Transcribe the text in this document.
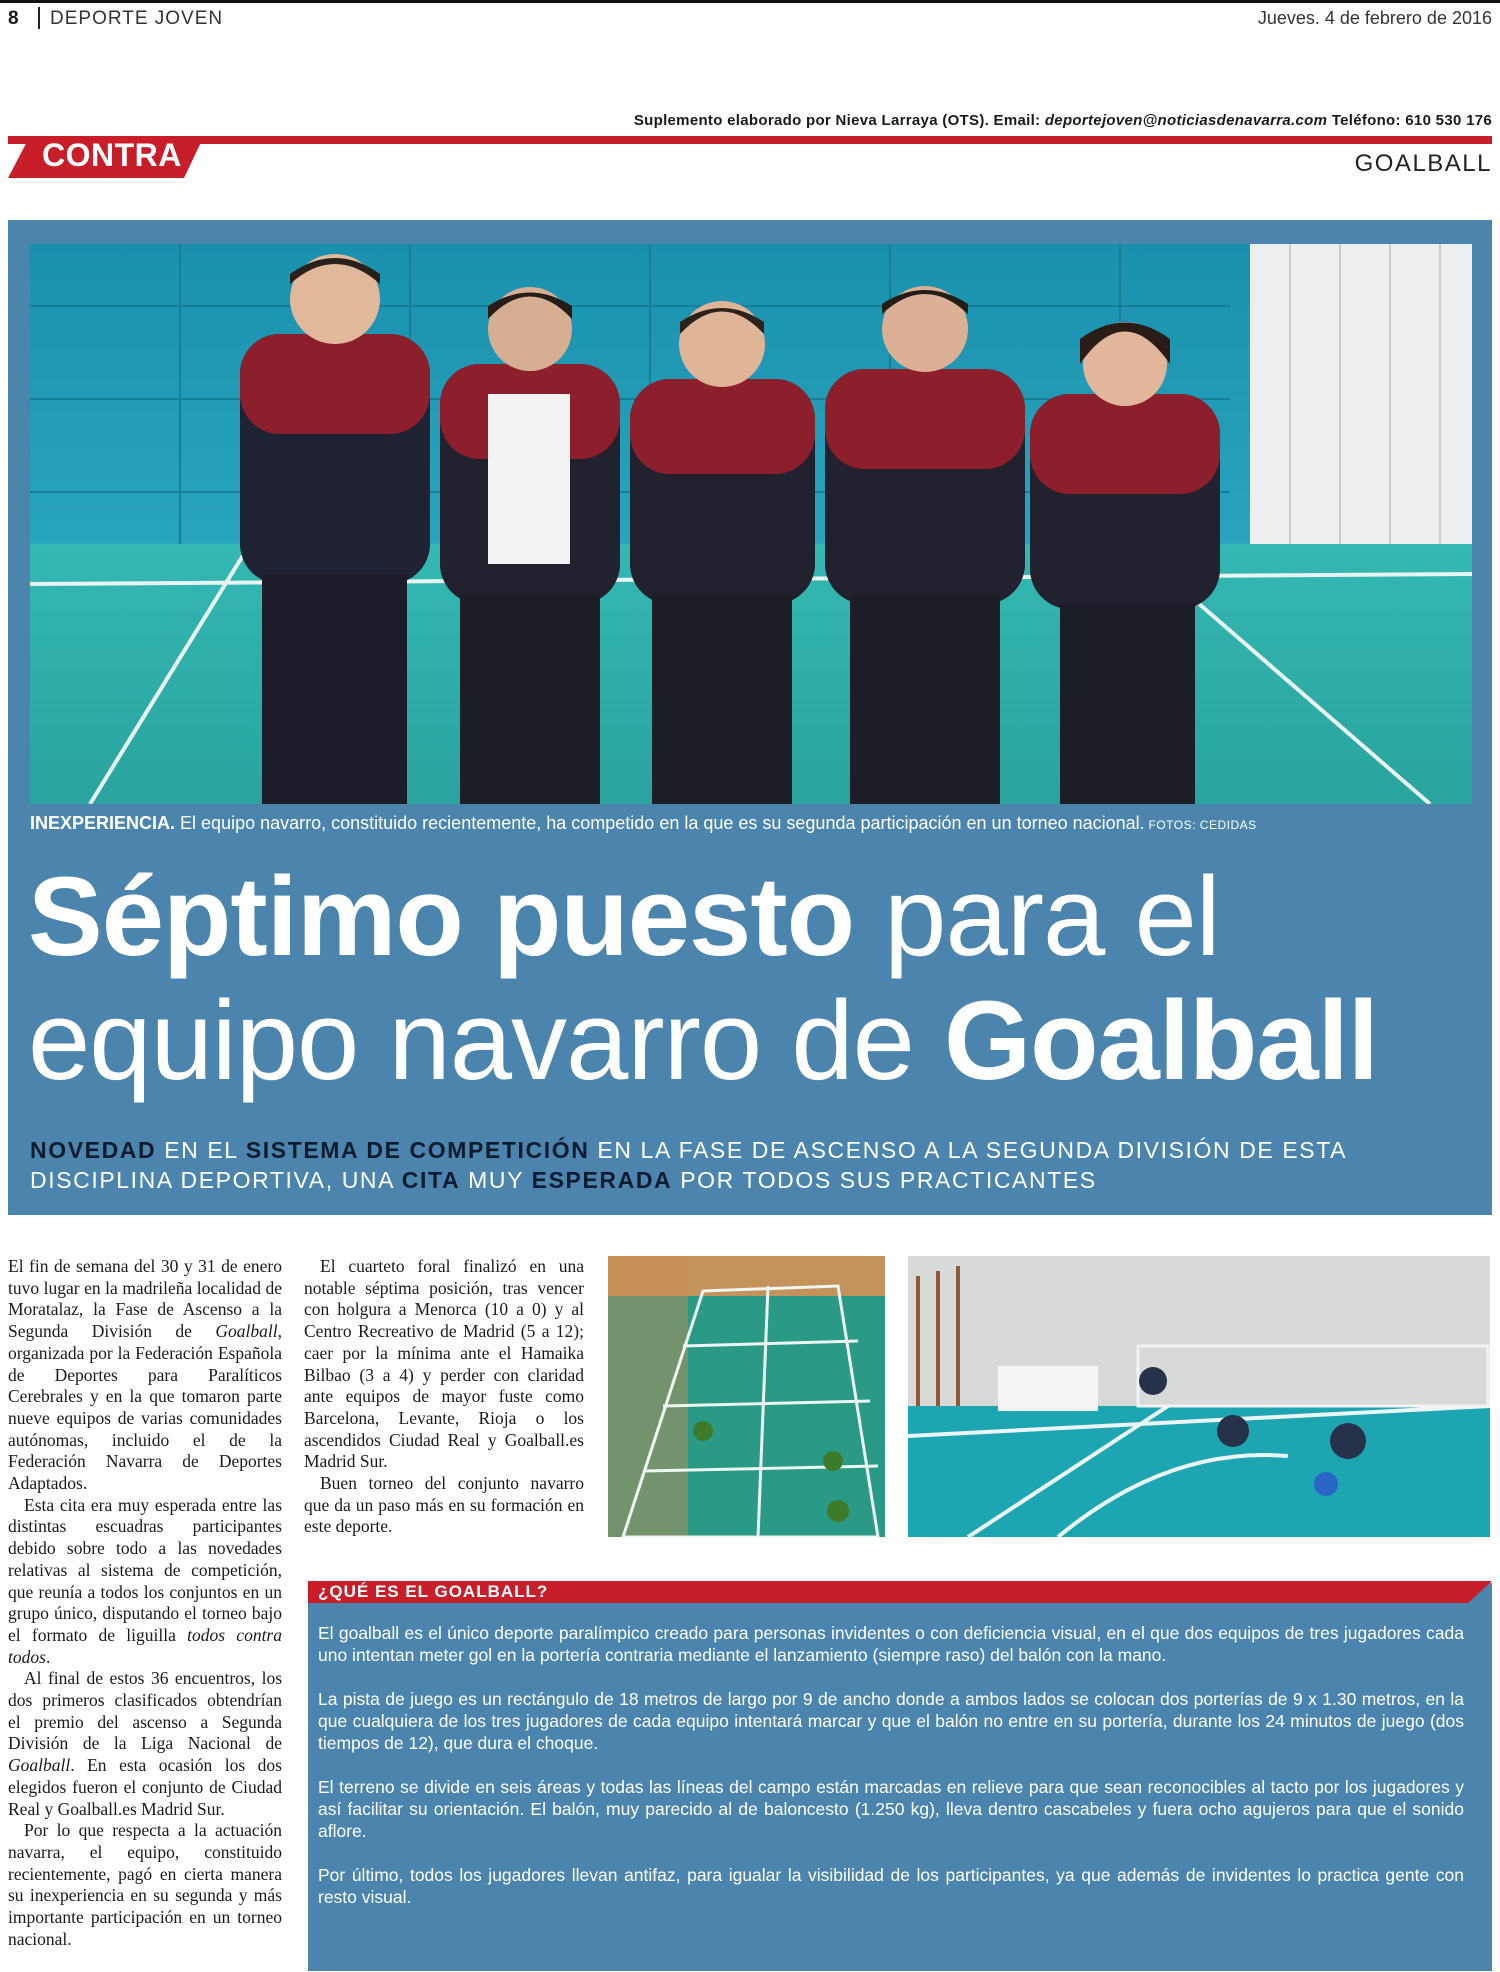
8 DEPORTE JOVEN	Jueves. 4 de febrero de 2016
Suplemento elaborado por Nieva Larraya (OTS). Email: deportejoven@noticiasdenavarra.com Teléfono: 610 530 176
CONTRA	GOALBALL
INEXPERIENCIA. El equipo navarro, constituido recientemente, ha competido en la que es su segunda participación en un torneo nacional. FOTOS: CEDIDAS
Séptimo puesto para el
equipo navarro de Goalball
NOVEDAD EN EL SISTEMA DE COMPETICIÓN EN LA FASE DE ASCENSO A LA SEGUNDA DIVISIÓN DE ESTA DISCIPLINA DEPORTIVA, UNA CITA MUY ESPERADA POR TODOS SUS PRACTICANTES

El fin de semana del 30 y 31 de enero tuvo lugar en la madrileña localidad de Moratalaz, la Fase de Ascenso a la Segunda División de Goalball, organizada por la Federación Española de Deportes para Paralíticos Cerebrales y en la que tomaron parte nueve equipos de varias comunidades autónomas, incluido el de la Federación Navarra de Deportes Adaptados.

Esta cita era muy esperada entre las distintas escuadras participantes debido sobre todo a las novedades relativas al sistema de competición, que reunía a todos los conjuntos en un grupo único, disputando el torneo bajo el formato de liguilla todos contra todos.

Al final de estos 36 encuentros, los dos primeros clasificados obtendrían el premio del ascenso a Segunda División de la Liga Nacional de Goalball. En esta ocasión los dos elegidos fueron el conjunto de Ciudad Real y Goalball.es Madrid Sur.

Por lo que respecta a la actuación navarra, el equipo, constituido recientemente, pagó en cierta manera su inexperiencia en su segunda y más importante participación en un torneo nacional.

El cuarteto foral finalizó en una notable séptima posición, tras vencer con holgura a Menorca (10 a 0) y al Centro Recreativo de Madrid (5 a 12); caer por la mínima ante el Hamaika Bilbao (3 a 4) y perder con claridad ante equipos de mayor fuste como Barcelona, Levante, Rioja o los ascendidos Ciudad Real y Goalball.es Madrid Sur.

Buen torneo del conjunto navarro que da un paso más en su formación en este deporte.

¿QUÉ ES EL GOALBALL?

El goalball es el único deporte paralímpico creado para personas invidentes o con deficiencia visual, en el que dos equipos de tres jugadores cada uno intentan meter gol en la portería contraria mediante el lanzamiento (siempre raso) del balón con la mano.

La pista de juego es un rectángulo de 18 metros de largo por 9 de ancho donde a ambos lados se colocan dos porterías de 9 x 1.30 metros, en la que cualquiera de los tres jugadores de cada equipo intentará marcar y que el balón no entre en su portería, durante los 24 minutos de juego (dos tiempos de 12), que dura el choque.

El terreno se divide en seis áreas y todas las líneas del campo están marcadas en relieve para que sean reconocibles al tacto por los jugadores y así facilitar su orientación. El balón, muy parecido al de baloncesto (1.250 kg), lleva dentro cascabeles y fuera ocho agujeros para que el sonido aflore.

Por último, todos los jugadores llevan antifaz, para igualar la visibilidad de los participantes, ya que además de invidentes lo practica gente con resto visual.
